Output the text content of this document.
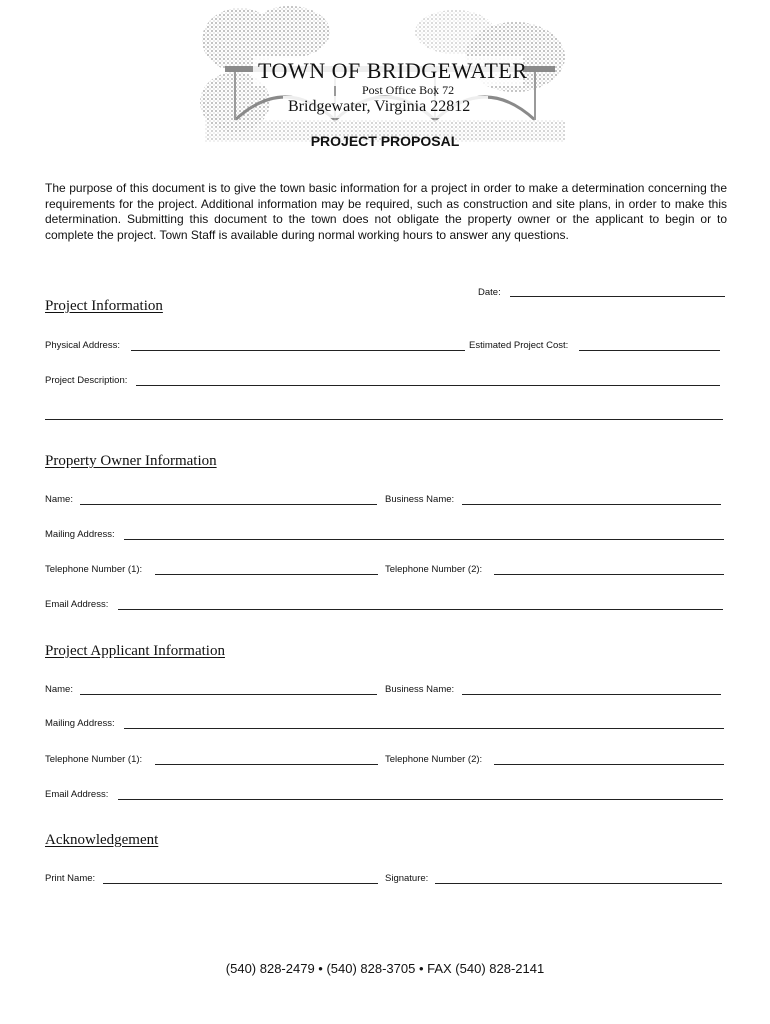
TOWN OF BRIDGEWATER
Post Office Box 72
Bridgewater, Virginia 22812
PROJECT PROPOSAL
The purpose of this document is to give the town basic information for a project in order to make a determination concerning the requirements for the project. Additional information may be required, such as construction and site plans, in order to make this determination. Submitting this document to the town does not obligate the property owner or the applicant to begin or to complete the project. Town Staff is available during normal working hours to answer any questions.
Date:
Project Information
Physical Address:	Estimated Project Cost:
Project Description:
Property Owner Information
Name:	Business Name:
Mailing Address:
Telephone Number (1):	Telephone Number (2):
Email Address:
Project Applicant Information
Name:	Business Name:
Mailing Address:
Telephone Number (1):	Telephone Number (2):
Email Address:
Acknowledgement
Print Name:	Signature:
(540) 828-2479 • (540) 828-3705 • FAX (540) 828-2141
